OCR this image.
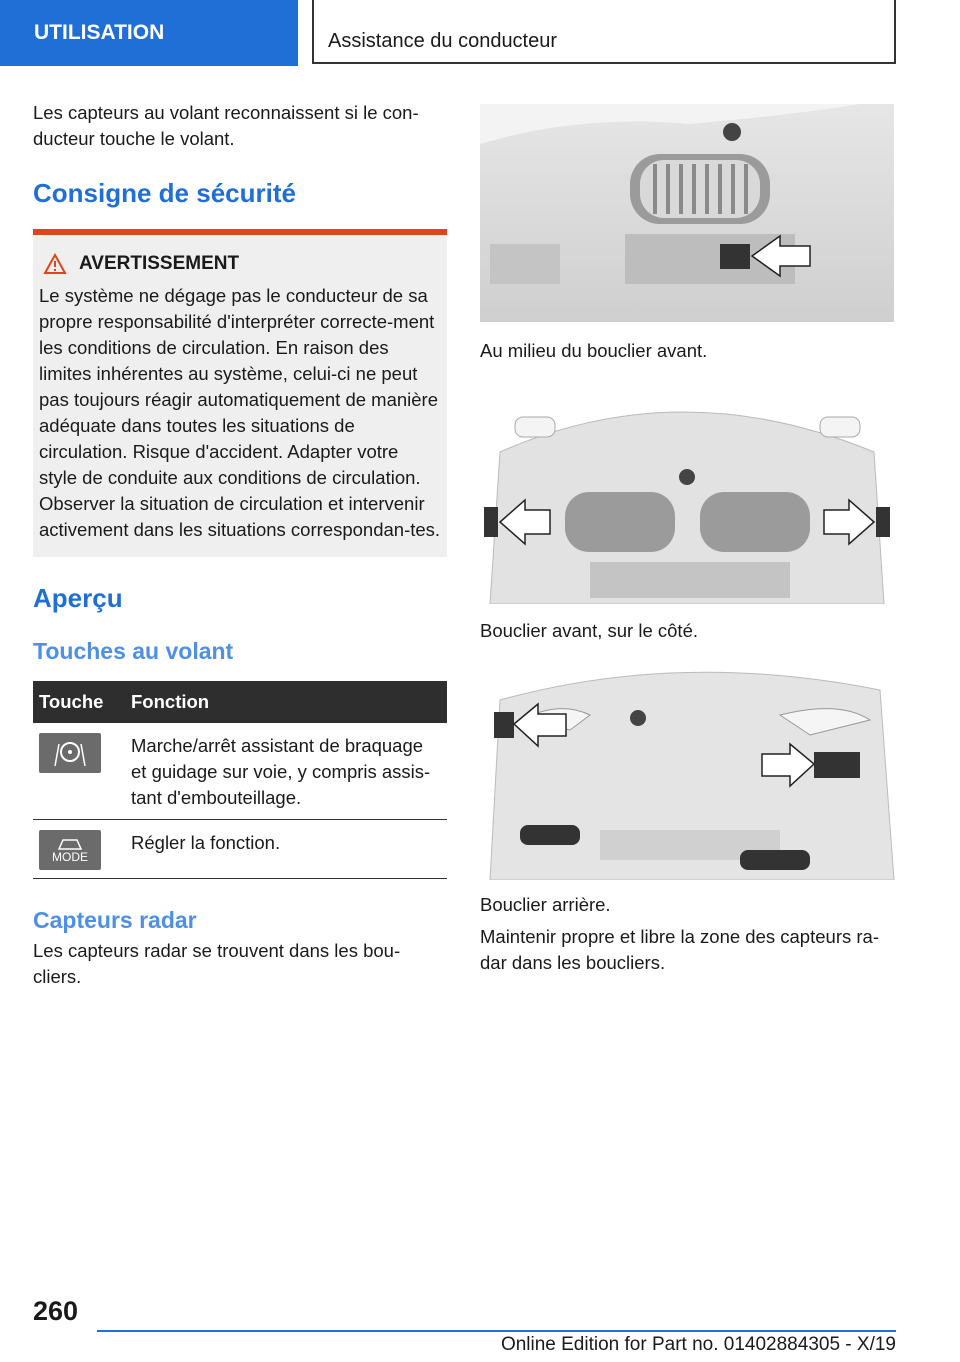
UTILISATION	Assistance du conducteur

Les capteurs au volant reconnaissent si le con-
ducteur touche le volant.

Consigne de sécurité
AVERTISSEMENT

Le système ne dégage pas le conducteur de sa propre responsabilité d'interpréter correcte-ment les conditions de circulation. En raison des limites inhérentes au système, celui-ci ne peut pas toujours réagir automatiquement de manière adéquate dans toutes les situations de circulation. Risque d'accident. Adapter votre style de conduite aux conditions de circulation. Observer la situation de circulation et intervenir activement dans les situations correspondan-tes.

Aperçu
Touches au volant
Touche	Fonction

	Marche/arrêt assistant de braquage et guidage sur voie, y compris assis-tant d'embouteillage.

MODE	Régler la fonction.
Capteurs radar

Les capteurs radar se trouvent dans les bou-cliers.

Au milieu du bouclier avant.

Bouclier avant, sur le côté.

Bouclier arrière.

Maintenir propre et libre la zone des capteurs ra-dar dans les boucliers.

260
Online Edition for Part no. 01402884305 - X/19
